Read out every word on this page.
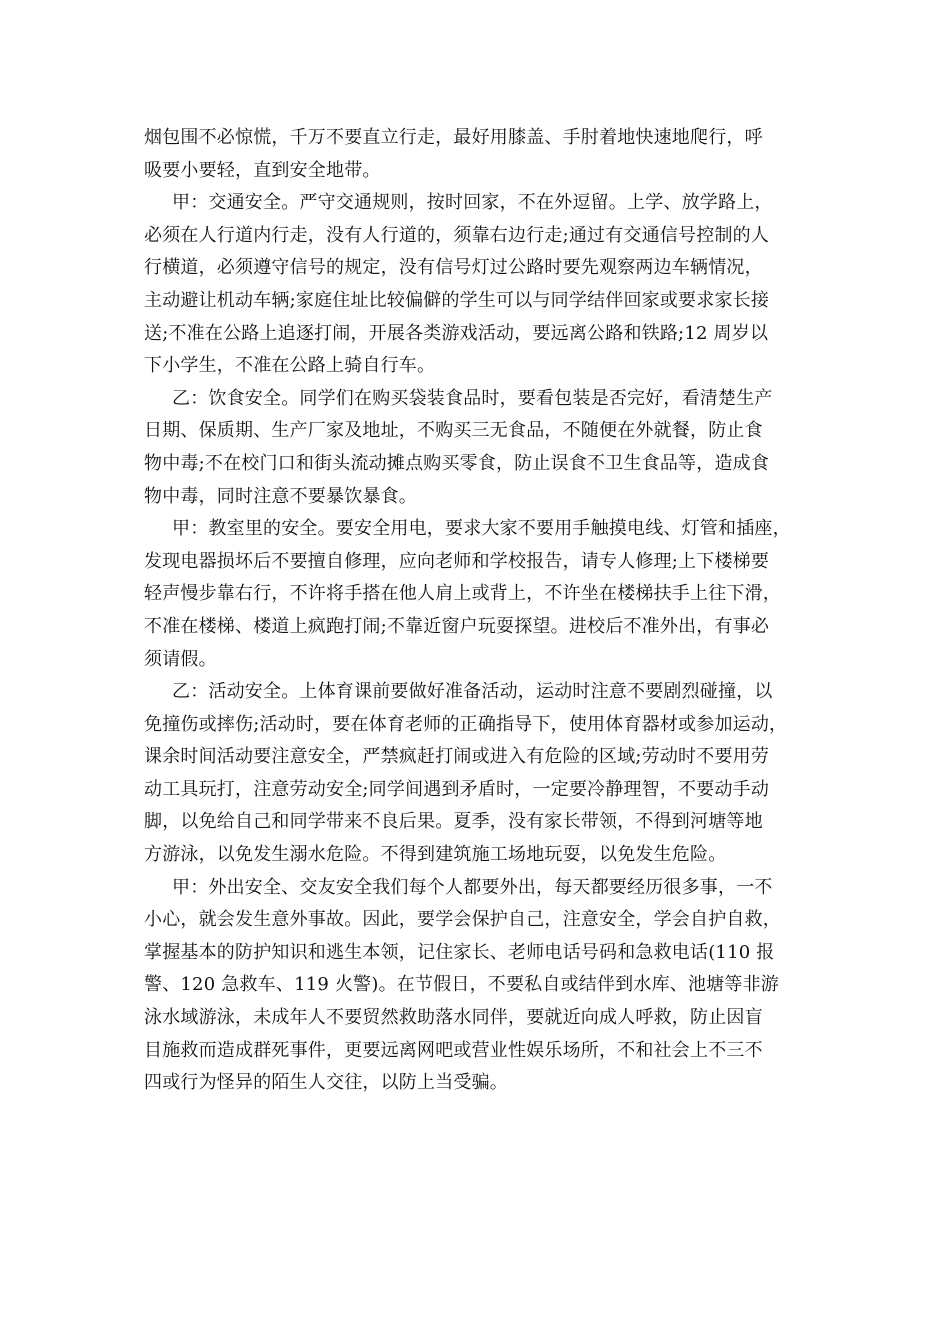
烟包围不必惊慌，千万不要直立行走，最好用膝盖、手肘着地快速地爬行，呼
吸要小要轻，直到安全地带。
甲：交通安全。严守交通规则，按时回家，不在外逗留。上学、放学路上，
必须在人行道内行走，没有人行道的，须靠右边行走;通过有交通信号控制的人
行横道，必须遵守信号的规定，没有信号灯过公路时要先观察两边车辆情况，
主动避让机动车辆;家庭住址比较偏僻的学生可以与同学结伴回家或要求家长接
送;不准在公路上追逐打闹，开展各类游戏活动，要远离公路和铁路;12 周岁以
下小学生，不准在公路上骑自行车。
乙：饮食安全。同学们在购买袋装食品时，要看包装是否完好，看清楚生产
日期、保质期、生产厂家及地址，不购买三无食品，不随便在外就餐，防止食
物中毒;不在校门口和街头流动摊点购买零食，防止误食不卫生食品等，造成食
物中毒，同时注意不要暴饮暴食。
甲：教室里的安全。要安全用电，要求大家不要用手触摸电线、灯管和插座，
发现电器损坏后不要擅自修理，应向老师和学校报告，请专人修理;上下楼梯要
轻声慢步靠右行，不许将手搭在他人肩上或背上，不许坐在楼梯扶手上往下滑，
不准在楼梯、楼道上疯跑打闹;不靠近窗户玩耍探望。进校后不准外出，有事必
须请假。
乙：活动安全。上体育课前要做好准备活动，运动时注意不要剧烈碰撞，以
免撞伤或摔伤;活动时，要在体育老师的正确指导下，使用体育器材或参加运动，
课余时间活动要注意安全，严禁疯赶打闹或进入有危险的区域;劳动时不要用劳
动工具玩打，注意劳动安全;同学间遇到矛盾时，一定要冷静理智，不要动手动
脚，以免给自己和同学带来不良后果。夏季，没有家长带领，不得到河塘等地
方游泳，以免发生溺水危险。不得到建筑施工场地玩耍，以免发生危险。
甲：外出安全、交友安全我们每个人都要外出，每天都要经历很多事，一不
小心，就会发生意外事故。因此，要学会保护自己，注意安全，学会自护自救，
掌握基本的防护知识和逃生本领，记住家长、老师电话号码和急救电话(110 报
警、120 急救车、119 火警)。在节假日，不要私自或结伴到水库、池塘等非游
泳水域游泳，未成年人不要贸然救助落水同伴，要就近向成人呼救，防止因盲
目施救而造成群死事件，更要远离网吧或营业性娱乐场所，不和社会上不三不
四或行为怪异的陌生人交往，以防上当受骗。
